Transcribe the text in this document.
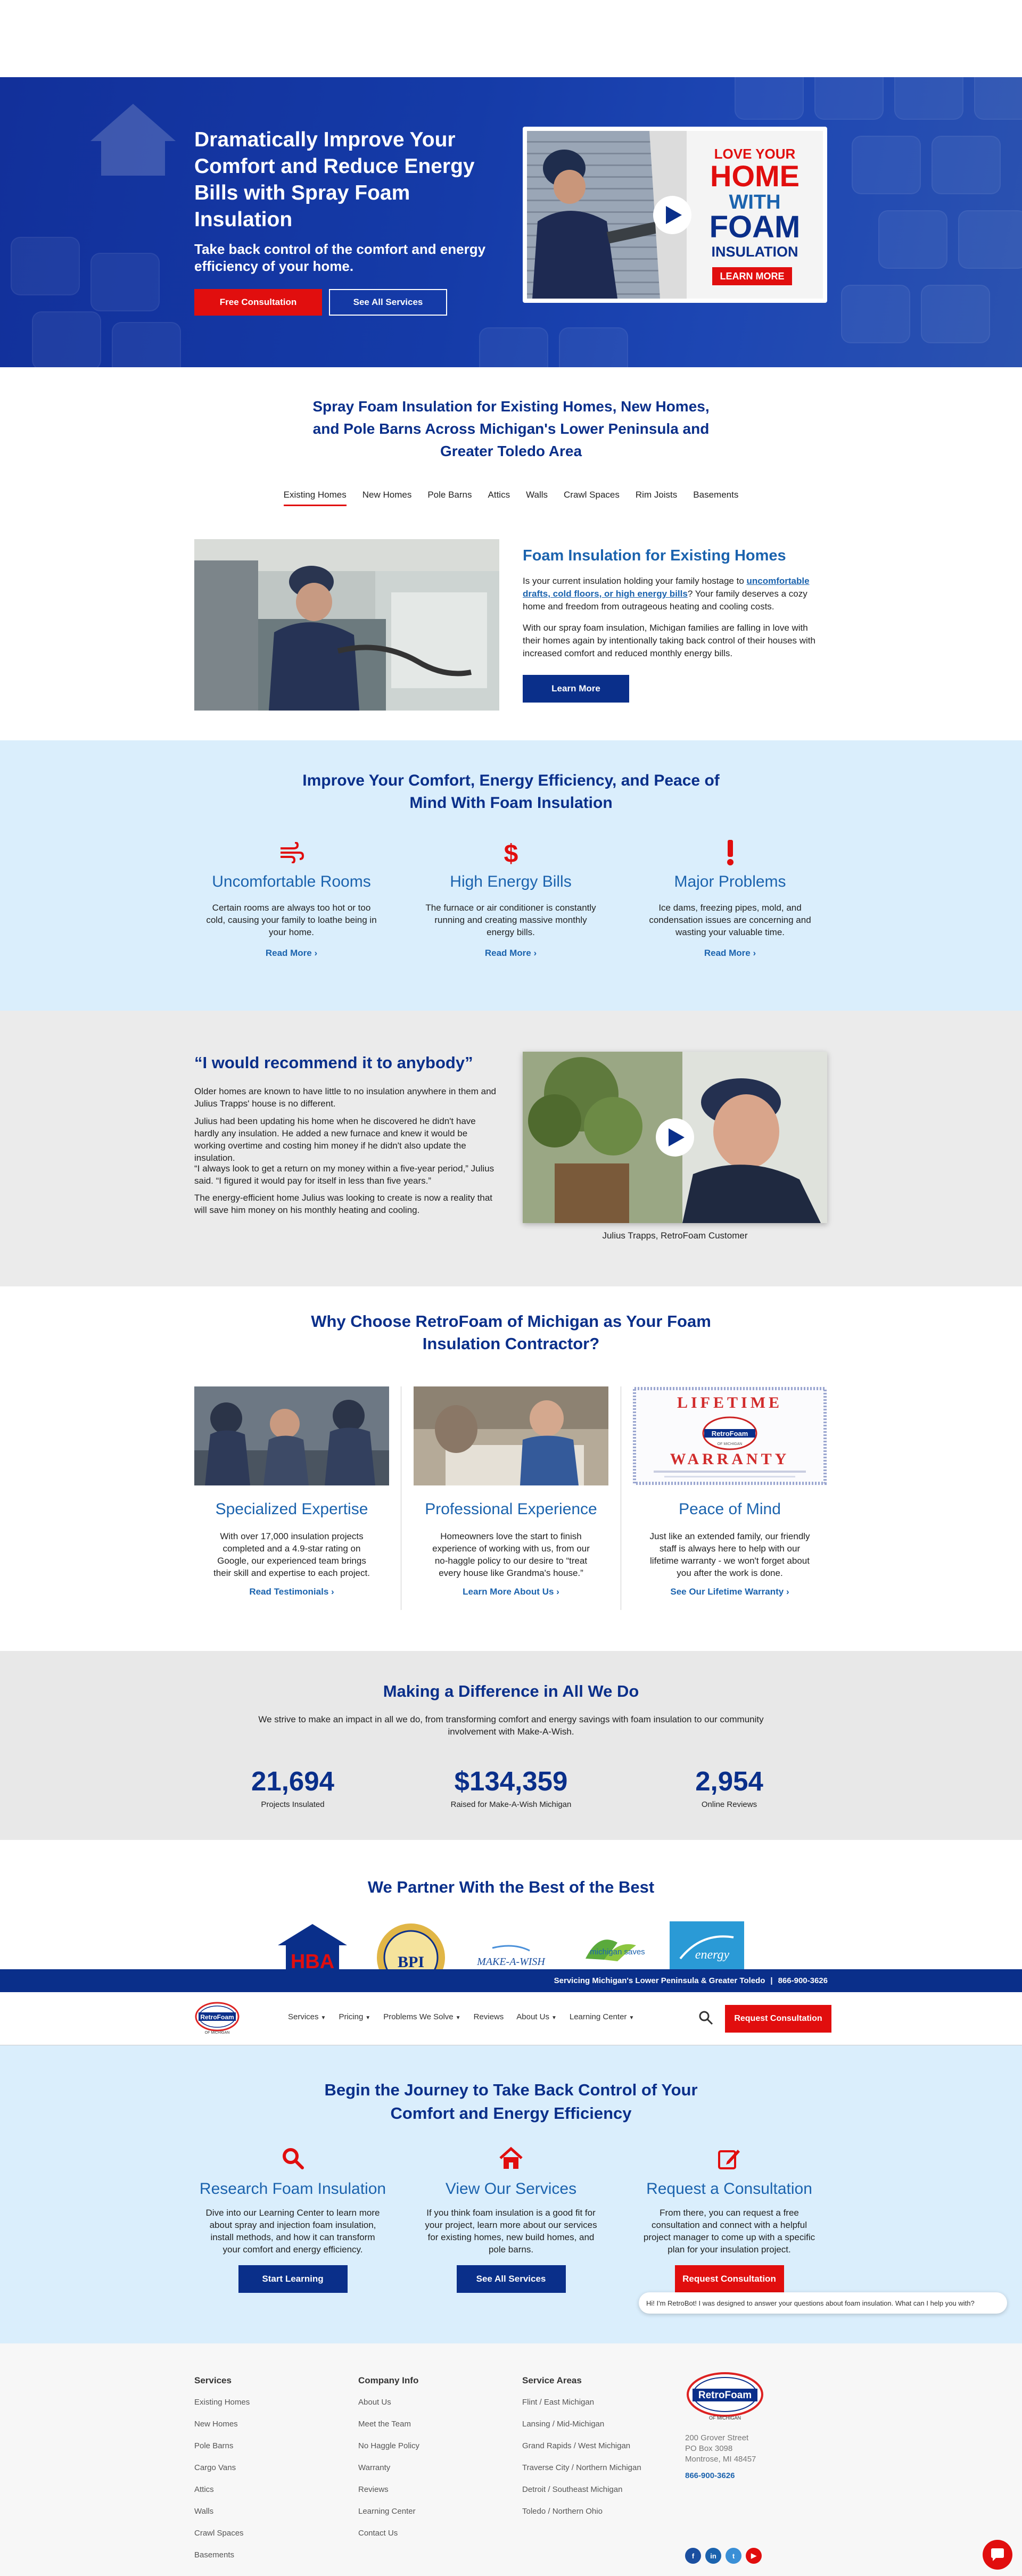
Dramatically Improve Your Comfort and Reduce Energy Bills with Spray Foam Insulation

Take back control of the comfort and energy efficiency of your home.

Free Consultation	See All Services
LOVE YOUR
HOME
WITH
FOAM
INSULATION
LEARN MORE
Spray Foam Insulation for Existing Homes, New Homes, and Pole Barns Across Michigan's Lower Peninsula and Greater Toledo Area
Existing Homes New Homes Pole Barns Attics Walls Crawl Spaces Rim Joists Basements
Foam Insulation for Existing Homes

Is your current insulation holding your family hostage to uncomfortable drafts, cold floors, or high energy bills? Your family deserves a cozy home and freedom from outrageous heating and cooling costs.

With our spray foam insulation, Michigan families are falling in love with their homes again by intentionally taking back control of their houses with increased comfort and reduced monthly energy bills.

Learn More
Improve Your Comfort, Energy Efficiency, and Peace of Mind With Foam Insulation
Uncomfortable Rooms

Certain rooms are always too hot or too cold, causing your family to loathe being in your home.

Read More ›
$
High Energy Bills

The furnace or air conditioner is constantly running and creating massive monthly energy bills.

Read More ›
Major Problems

Ice dams, freezing pipes, mold, and condensation issues are concerning and wasting your valuable time.

Read More ›
“I would recommend it to anybody”

Older homes are known to have little to no insulation anywhere in them and Julius Trapps' house is no different.

Julius had been updating his home when he discovered he didn't have hardly any insulation. He added a new furnace and knew it would be working overtime and costing him money if he didn't also update the insulation.

“I always look to get a return on my money within a five-year period,” Julius said. “I figured it would pay for itself in less than five years.”

The energy-efficient home Julius was looking to create is now a reality that will save him money on his monthly heating and cooling.

Julius Trapps, RetroFoam Customer
Why Choose RetroFoam of Michigan as Your Foam Insulation Contractor?
Specialized Expertise

With over 17,000 insulation projects completed and a 4.9-star rating on Google, our experienced team brings their skill and expertise to each project.

Read Testimonials ›
Professional Experience

Homeowners love the start to finish experience of working with us, from our no-haggle policy to our desire to “treat every house like Grandma's house.”

Learn More About Us ›
LIFETIME
RetroFoam
OF MICHIGAN
WARRANTY
Peace of Mind

Just like an extended family, our friendly staff is always here to help with our lifetime warranty - we won't forget about you after the work is done.

See Our Lifetime Warranty ›
Making a Difference in All We Do

We strive to make an impact in all we do, from transforming comfort and energy savings with foam insulation to our community involvement with Make-A-Wish.

21,694
Projects Insulated
$134,359
Raised for Make-A-Wish Michigan
2,954
Online Reviews
We Partner With the Best of the Best
HBA	BPI	MAKE-A-WISH
michigan saves	energy
Servicing Michigan's Lower Peninsula & Greater Toledo | 866-900-3626
RetroFoam
OF MICHIGAN
Services ▼ Pricing ▼ Problems We Solve ▼ Reviews About Us ▼ Learning Center ▼	Request Consultation
Begin the Journey to Take Back Control of Your Comfort and Energy Efficiency
Research Foam Insulation

Dive into our Learning Center to learn more about spray and injection foam insulation, install methods, and how it can transform your comfort and energy efficiency.

Start Learning
View Our Services

If you think foam insulation is a good fit for your project, learn more about our services for existing homes, new build homes, and pole barns.

See All Services
Request a Consultation

From there, you can request a free consultation and connect with a helpful project manager to come up with a specific plan for your insulation project.

Request Consultation
Services
Existing Homes
New Homes
Pole Barns
Cargo Vans
Attics
Walls
Crawl Spaces
Basements
Company Info
About Us
Meet the Team
No Haggle Policy
Warranty
Reviews
Learning Center
Contact Us
Service Areas
Flint / East Michigan
Lansing / Mid-Michigan
Grand Rapids / West Michigan
Traverse City / Northern Michigan
Detroit / Southeast Michigan
Toledo / Northern Ohio
RetroFoam
OF MICHIGAN
200 Grover Street
PO Box 3098
Montrose, MI 48457
866-900-3626
f	in	t	▶
Hi! I'm RetroBot! I was designed to answer your questions about foam insulation. What can I help you with?
